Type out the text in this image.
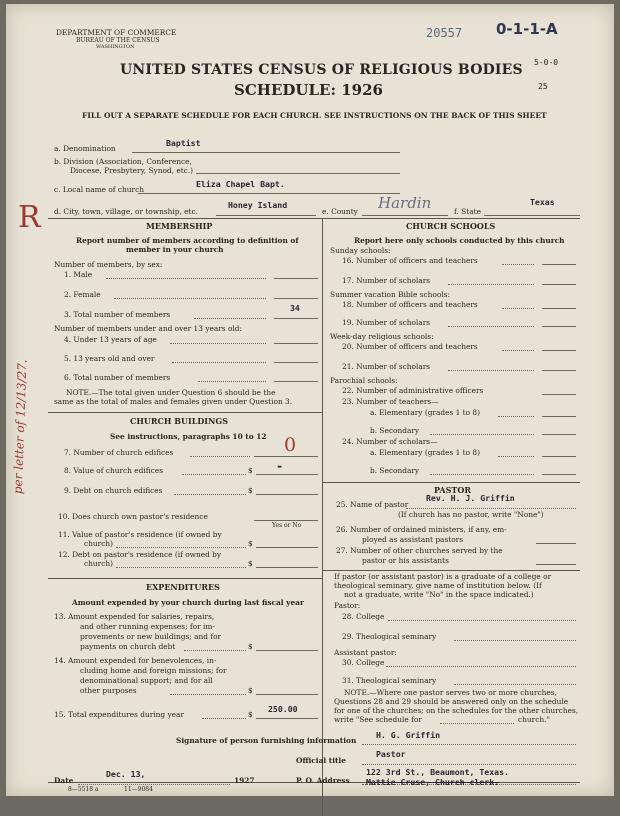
DEPARTMENT OF COMMERCE
BUREAU OF THE CENSUS
WASHINGTON
20557 0-1-1-A
5-0-0
25
UNITED STATES CENSUS OF RELIGIOUS BODIES
SCHEDULE: 1926
FILL OUT A SEPARATE SCHEDULE FOR EACH CHURCH. SEE INSTRUCTIONS ON THE BACK OF THIS SHEET
a. Denomination
Baptist
b. Division (Association, Conference,
Diocese, Presbytery, Synod, etc.)
c. Local name of church
Eliza Chapel Bapt.
d. City, town, village, or township, etc.
Honey Island
e. County Hardin	f. State
Texas
R
per letter of 12/13/27.
MEMBERSHIP
Report number of members according to definition of
member in your church
Number of members, by sex:
1. Male
2. Female
3. Total number of members
34
Number of members under and over 13 years old:
4. Under 13 years of age
5. 13 years old and over
6. Total number of members
NOTE.—The total given under Question 6 should be the
same as the total of males and females given under Question 3.
CHURCH BUILDINGS
See instructions, paragraphs 10 to 12
7. Number of church edifices	0
8. Value of church edifices	$ -
9. Debt on church edifices	$
10. Does church own pastor's residence
Yes or No
11. Value of pastor's residence (if owned by
church)	$
12. Debt on pastor's residence (if owned by
church)	$
EXPENDITURES
Amount expended by your church during last fiscal year
13. Amount expended for salaries, repairs,
and other running expenses; for im-
provements or new buildings; and for
payments on church debt	$
14. Amount expended for benevolences, in-
cluding home and foreign missions; for
denominational support; and for all
other purposes	$
15. Total expenditures during year	$
250.00
CHURCH SCHOOLS
Report here only schools conducted by this church
Sunday schools:
16. Number of officers and teachers
17. Number of scholars
Summer vacation Bible schools:
18. Number of officers and teachers
19. Number of scholars
Week-day religious schools:
20. Number of officers and teachers
21. Number of scholars
Parochial schools:
22. Number of administrative officers
23. Number of teachers—
a. Elementary (grades 1 to 8)
b. Secondary
24. Number of scholars—
a. Elementary (grades 1 to 8)
b. Secondary
PASTOR
25. Name of pastor
Rev. H. J. Griffin
(If church has no pastor, write "None")
26. Number of ordained ministers, if any, em-
ployed as assistant pastors
27. Number of other churches served by the
pastor or his assistants
If pastor (or assistant pastor) is a graduate of a college or
theological seminary, give name of institution below. (If
not a graduate, write "No" in the space indicated.)
Pastor:
28. College
29. Theological seminary
Assistant pastor:
30. College
31. Theological seminary
NOTE.—Where one pastor serves two or more churches,
Questions 28 and 29 should be answered only on the schedule
for one of the churches; on the schedules for the other churches,
write "See schedule for	church."
Signature of person furnishing information
H. G. Griffin
Official title
Pastor
Date
Dec. 13,
1927	P. O. Address
122 3rd St., Beaumont, Texas.
Mattie Cruse, Church clerk.
8—5518 a	11—9084
